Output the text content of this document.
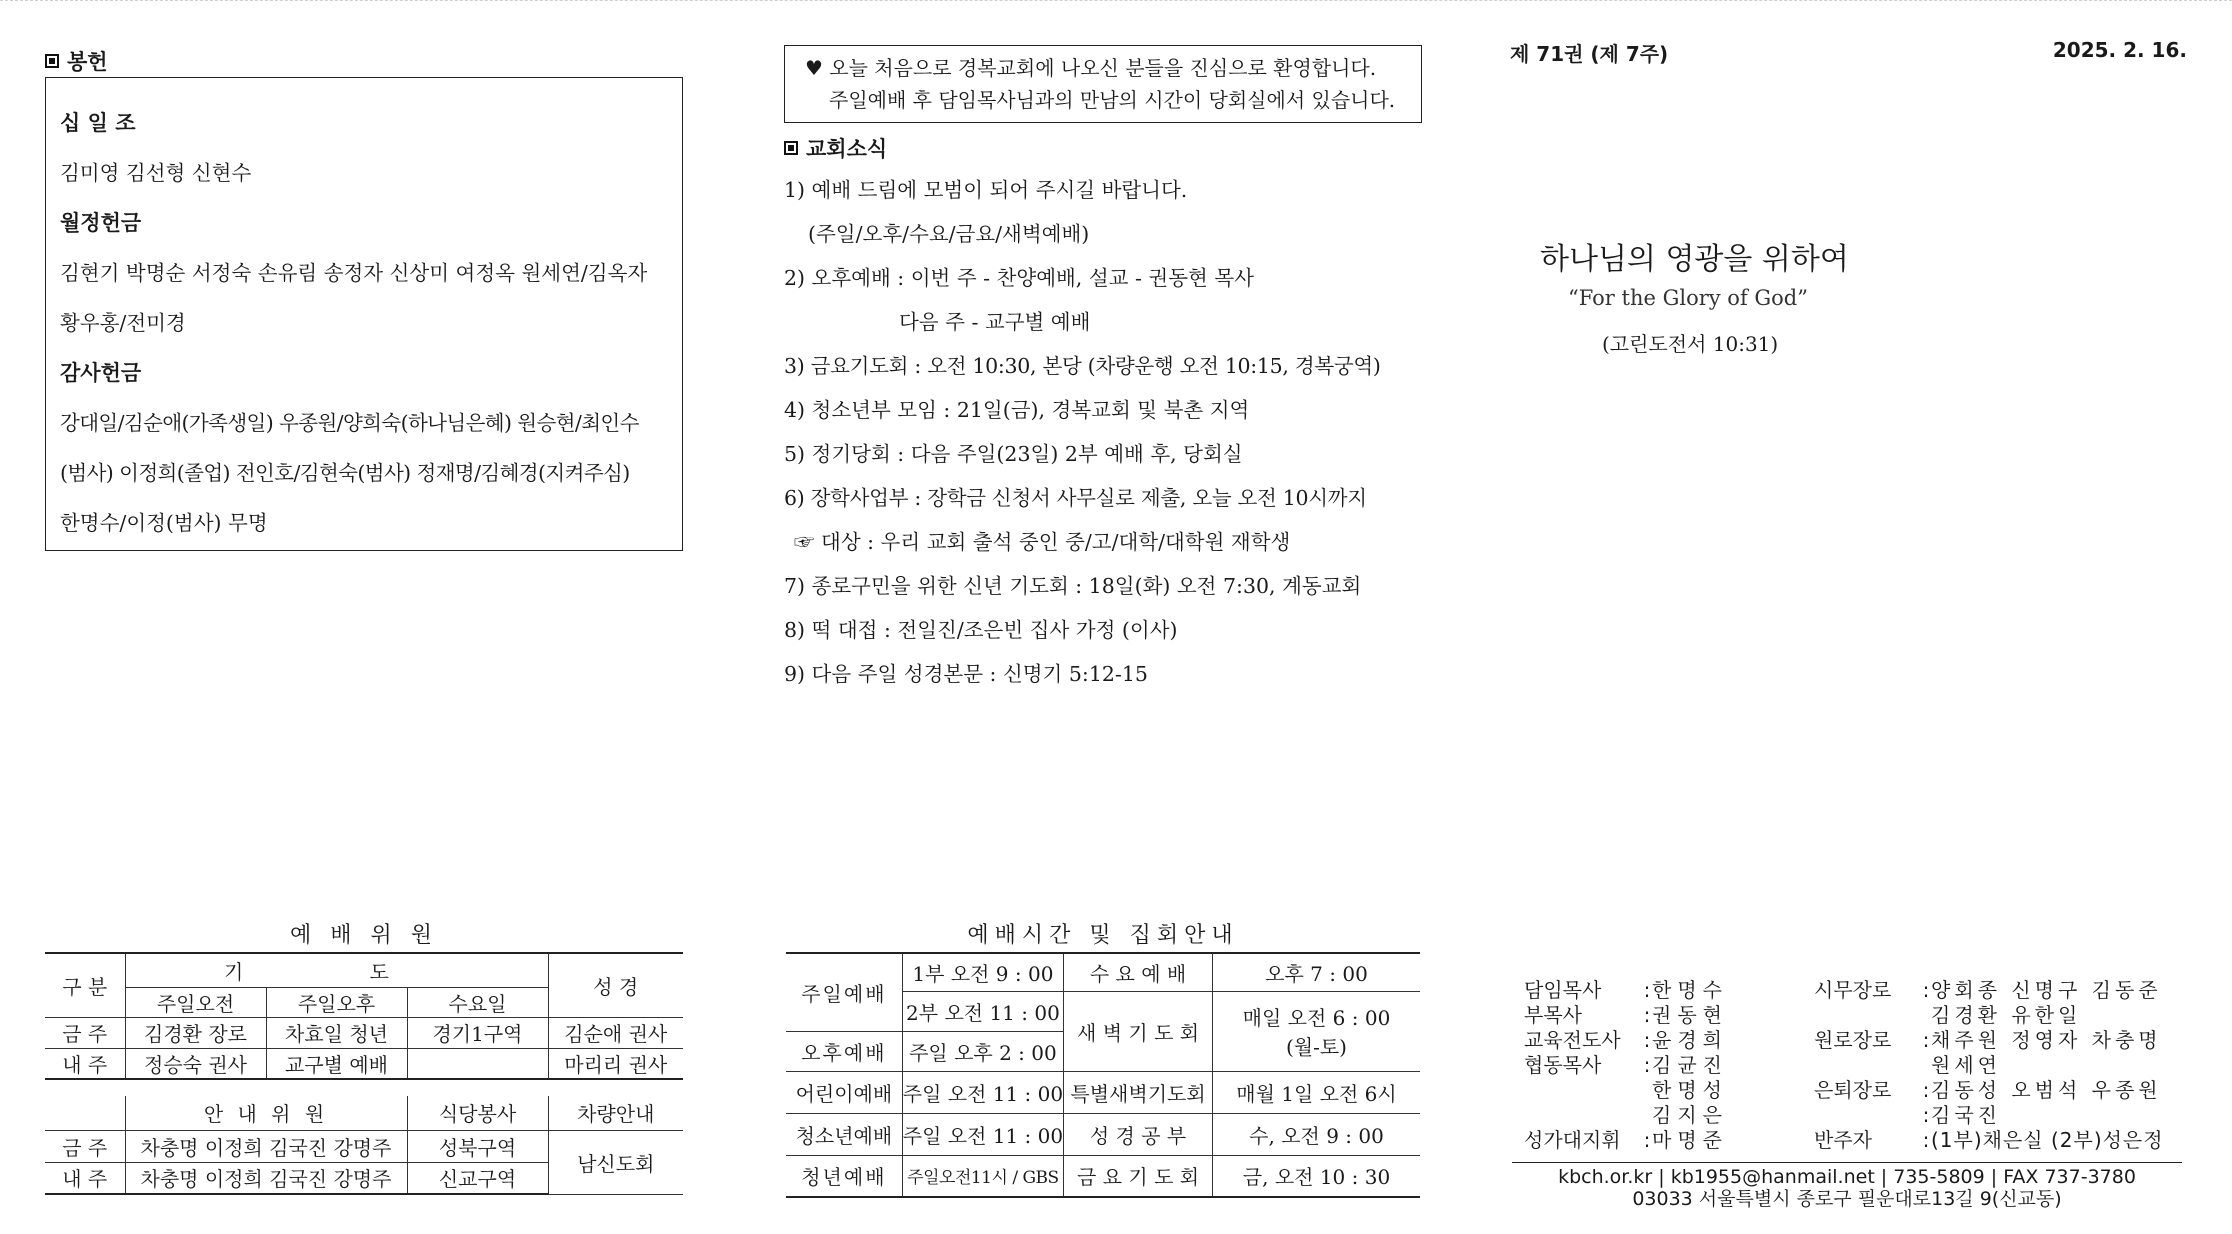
봉헌
십 일 조
김미영 김선형 신현수
월정헌금
김현기 박명순 서정숙 손유림 송정자 신상미 여정옥 원세연/김옥자
황우홍/전미경
감사헌금
강대일/김순애(가족생일) 우종원/양희숙(하나님은혜) 원승현/최인수
(범사) 이정희(졸업) 전인호/김현숙(범사) 정재명/김혜경(지켜주심)
한명수/이정(범사) 무명
예 배 위 원
구 분	기 도			성 경
	주일오전	주일오후	수요일	
금 주	김경환 장로	차효일 청년	경기1구역	김순애 권사
내 주	정승숙 권사	교구별 예배		마리리 권사
	안 내 위 원	식당봉사	차량안내
금 주	차충명 이정희 김국진 강명주	성북구역	남신도회
내 주	차충명 이정희 김국진 강명주	신교구역	
♥ 오늘 처음으로 경복교회에 나오신 분들을 진심으로 환영합니다.
주일예배 후 담임목사님과의 만남의 시간이 당회실에서 있습니다.
교회소식
1) 예배 드림에 모범이 되어 주시길 바랍니다.
(주일/오후/수요/금요/새벽예배)
2) 오후예배 : 이번 주 - 찬양예배, 설교 - 권동현 목사
다음 주 - 교구별 예배
3) 금요기도회 : 오전 10:30, 본당 (차량운행 오전 10:15, 경복궁역)
4) 청소년부 모임 : 21일(금), 경복교회 및 북촌 지역
5) 정기당회 : 다음 주일(23일) 2부 예배 후, 당회실
6) 장학사업부 : 장학금 신청서 사무실로 제출, 오늘 오전 10시까지
☞ 대상 : 우리 교회 출석 중인 중/고/대학/대학원 재학생
7) 종로구민을 위한 신년 기도회 : 18일(화) 오전 7:30, 계동교회
8) 떡 대접 : 전일진/조은빈 집사 가정 (이사)
9) 다음 주일 성경본문 : 신명기 5:12-15
예배시간 및 집회안내
주일예배	1부 오전 9 : 00	수 요 예 배	오후 7 : 00
	2부 오전 11 : 00	새 벽 기 도 회	매일 오전 6 : 00
(월-토)

오후예배	주일 오후 2 : 00		
어린이예배	주일 오전 11 : 00	특별새벽기도회	매월 1일 오전 6시
청소년예배	주일 오전 11 : 00	성 경 공 부	수, 오전 9 : 00
청년예배	주일오전11시 / GBS	금 요 기 도 회	금, 오전 10 : 30
제 71권 (제 7주)	2025. 2. 16.
하나님의 영광을 위하여
“For the Glory of God”
(고린도전서 10:31)
담임목사	: 한명수	시무장로	: 양회종 신명구 김동준
부목사	: 권동현	김경환 유한일
교육전도사	: 윤경희	원로장로	: 채주원 정영자 차충명
협동목사	: 김균진	원세연
한명성	은퇴장로	: 김동성 오범석 우종원
김지은	: 김국진
성가대지휘	: 마명준	반주자	: (1부)채은실 (2부)성은정
kbch.or.kr | kb1955@hanmail.net | 735-5809 | FAX 737-3780
03033 서울특별시 종로구 필운대로13길 9(신교동)
